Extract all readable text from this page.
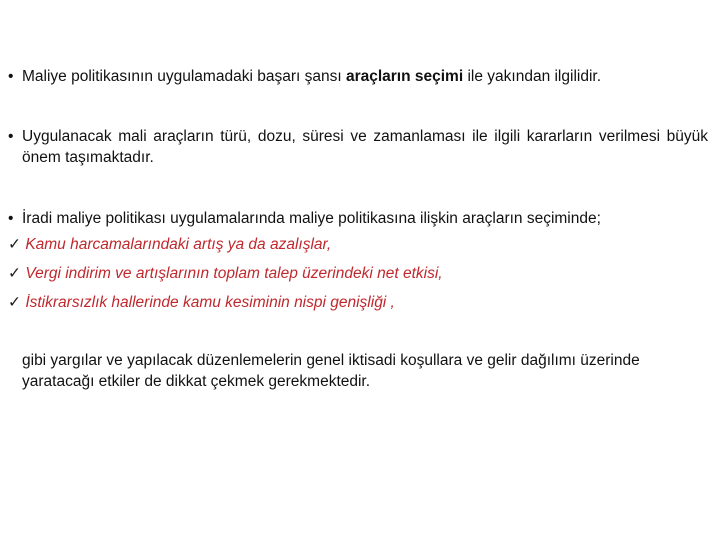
• Maliye politikasının uygulamadaki başarı şansı araçların seçimi ile yakından ilgilidir.
• Uygulanacak mali araçların türü, dozu, süresi ve zamanlaması ile ilgili kararların verilmesi büyük önem taşımaktadır.
• İradi maliye politikası uygulamalarında maliye politikasına ilişkin araçların seçiminde;
✓ Kamu harcamalarındaki artış ya da azalışlar,
✓ Vergi indirim ve artışlarının toplam talep üzerindeki net etkisi,
✓ İstikrarsızlık hallerinde kamu kesiminin nispi genişliği ,
gibi yargılar ve yapılacak düzenlemelerin genel iktisadi koşullara ve gelir dağılımı üzerinde yaratacağı etkiler de dikkat çekmek gerekmektedir.
